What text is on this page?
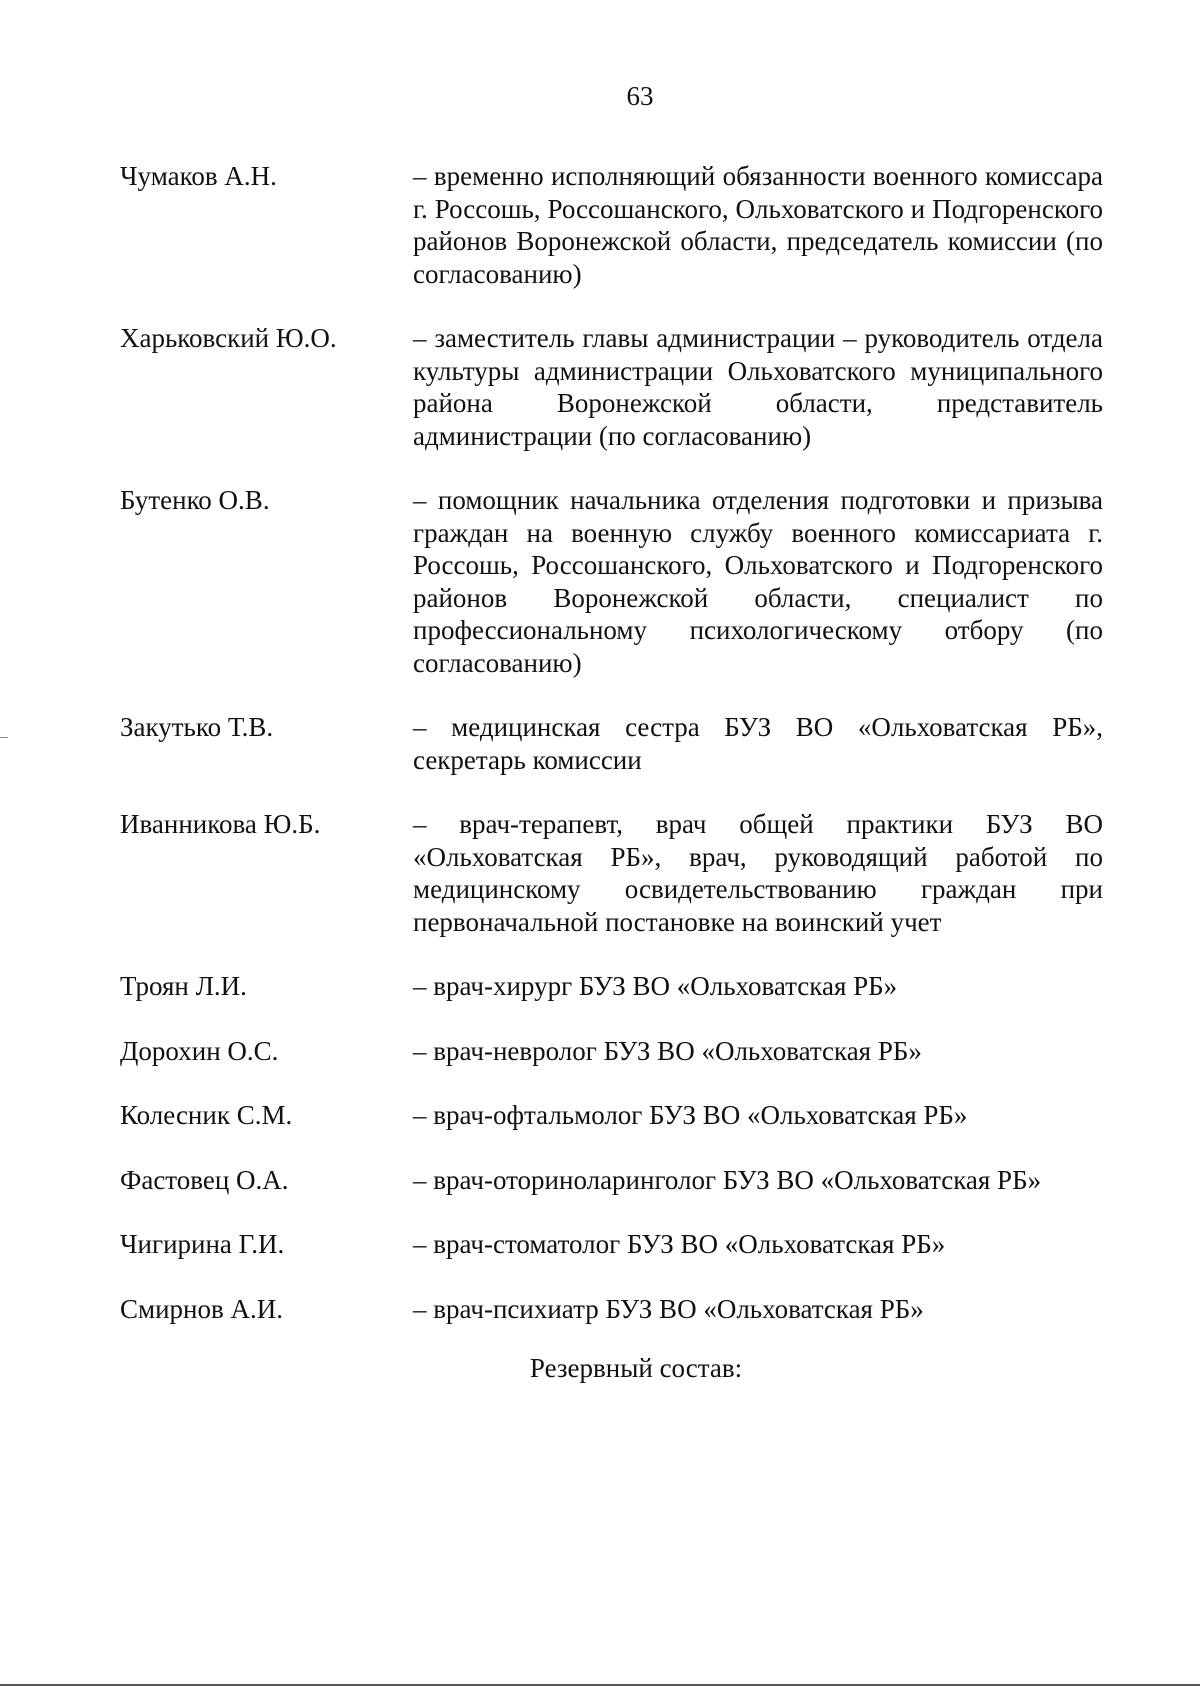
63
Чумаков А.Н.	– временно исполняющий обязанности военного комиссара г. Россошь, Россошанского, Ольховатского и Подгоренского районов Воронежской области, председатель комиссии (по согласованию)
Харьковский Ю.О.	– заместитель главы администрации – руководитель отдела культуры администрации Ольховатского муниципального района Воронежской области, представитель администрации (по согласованию)
Бутенко О.В.	– помощник начальника отделения подготовки и призыва граждан на военную службу военного комиссариата г. Россошь, Россошанского, Ольховатского и Подгоренского районов Воронежской области, специалист по профессиональному психологическому отбору (по согласованию)
Закутько Т.В.	– медицинская сестра БУЗ ВО «Ольховатская РБ», секретарь комиссии
Иванникова Ю.Б.	– врач-терапевт, врач общей практики БУЗ ВО «Ольховатская РБ», врач, руководящий работой по медицинскому освидетельствованию граждан при первоначальной постановке на воинский учет
Троян Л.И.	– врач-хирург БУЗ ВО «Ольховатская РБ»
Дорохин О.С.	– врач-невролог БУЗ ВО «Ольховатская РБ»
Колесник С.М.	– врач-офтальмолог БУЗ ВО «Ольховатская РБ»
Фастовец О.А.	– врач-оториноларинголог БУЗ ВО «Ольховатская РБ»
Чигирина Г.И.	– врач-стоматолог БУЗ ВО «Ольховатская РБ»
Смирнов А.И.	– врач-психиатр БУЗ ВО «Ольховатская РБ»
Резервный состав:
